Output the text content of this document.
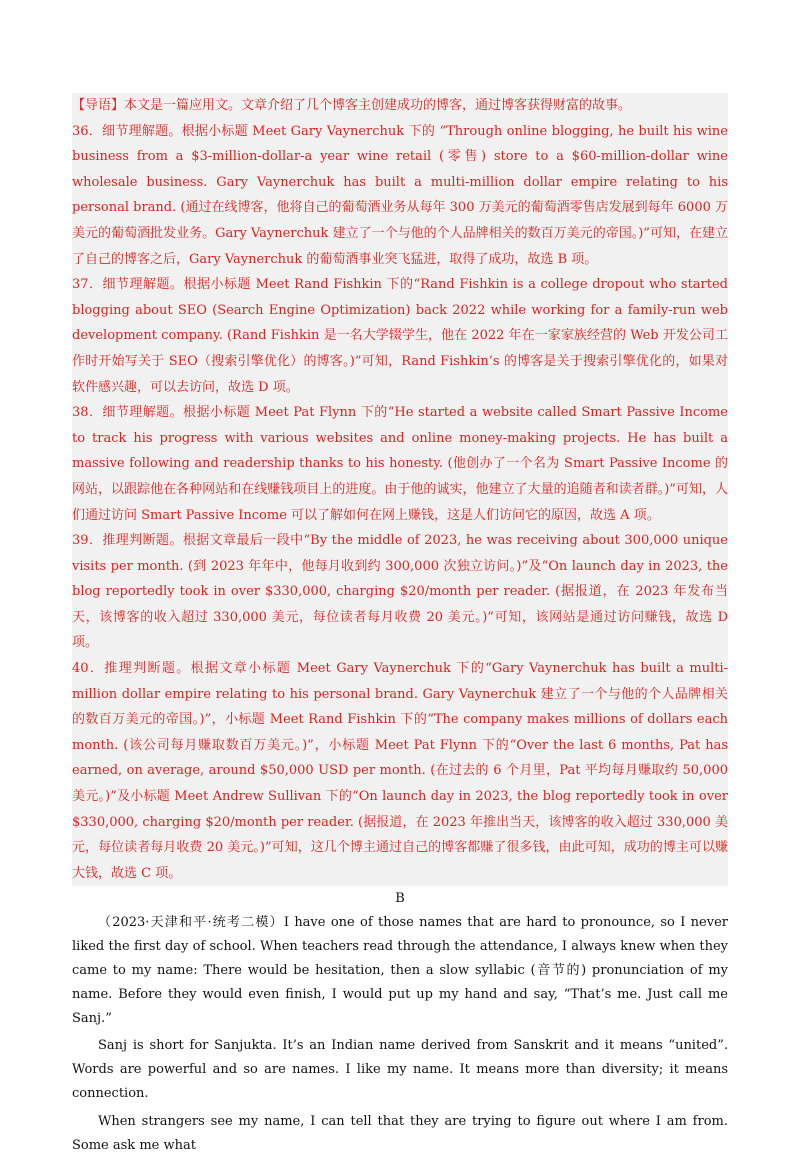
【导语】本文是一篇应用文。文章介绍了几个博客主创建成功的博客，通过博客获得财富的故事。

36．细节理解题。根据小标题 Meet Gary Vaynerchuk 下的 “Through online blogging, he built his wine business from a $3-million-dollar-a year wine retail (零售) store to a $60-million-dollar wine wholesale business. Gary Vaynerchuk has built a multi-million dollar empire relating to his personal brand. (通过在线博客，他将自己的葡萄酒业务从每年 300 万美元的葡萄酒零售店发展到每年 6000 万美元的葡萄酒批发业务。Gary Vaynerchuk 建立了一个与他的个人品牌相关的数百万美元的帝国。)”可知，在建立了自己的博客之后，Gary Vaynerchuk 的葡萄酒事业突飞猛进，取得了成功，故选 B 项。

37．细节理解题。根据小标题 Meet Rand Fishkin 下的“Rand Fishkin is a college dropout who started blogging about SEO (Search Engine Optimization) back 2022 while working for a family-run web development company. (Rand Fishkin 是一名大学辍学生，他在 2022 年在一家家族经营的 Web 开发公司工作时开始写关于 SEO（搜索引擎优化）的博客。)”可知，Rand Fishkin’s 的博客是关于搜索引擎优化的，如果对软件感兴趣，可以去访问，故选 D 项。

38．细节理解题。根据小标题 Meet Pat Flynn 下的“He started a website called Smart Passive Income to track his progress with various websites and online money-making projects. He has built a massive following and readership thanks to his honesty. (他创办了一个名为 Smart Passive Income 的网站，以跟踪他在各种网站和在线赚钱项目上的进度。由于他的诚实，他建立了大量的追随者和读者群。)”可知，人们通过访问 Smart Passive Income 可以了解如何在网上赚钱，这是人们访问它的原因，故选 A 项。

39．推理判断题。根据文章最后一段中“By the middle of 2023, he was receiving about 300,000 unique visits per month. (到 2023 年年中，他每月收到约 300,000 次独立访问。)”及“On launch day in 2023, the blog reportedly took in over $330,000, charging $20/month per reader. (据报道，在 2023 年发布当天，该博客的收入超过 330,000 美元，每位读者每月收费 20 美元。)”可知，该网站是通过访问赚钱，故选 D 项。

40．推理判断题。根据文章小标题 Meet Gary Vaynerchuk 下的“Gary Vaynerchuk has built a multi-million dollar empire relating to his personal brand. Gary Vaynerchuk 建立了一个与他的个人品牌相关的数百万美元的帝国。)”，小标题 Meet Rand Fishkin 下的“The company makes millions of dollars each month. (该公司每月赚取数百万美元。)”，小标题 Meet Pat Flynn 下的“Over the last 6 months, Pat has earned, on average, around $50,000 USD per month. (在过去的 6 个月里，Pat 平均每月赚取约 50,000 美元。)”及小标题 Meet Andrew Sullivan 下的“On launch day in 2023, the blog reportedly took in over $330,000, charging $20/month per reader. (据报道，在 2023 年推出当天，该博客的收入超过 330,000 美元，每位读者每月收费 20 美元。)”可知，这几个博主通过自己的博客都赚了很多钱，由此可知，成功的博主可以赚大钱，故选 C 项。

B

（2023·天津和平·统考二模）I have one of those names that are hard to pronounce, so I never liked the first day of school. When teachers read through the attendance, I always knew when they came to my name: There would be hesitation, then a slow syllabic (音节的) pronunciation of my name. Before they would even finish, I would put up my hand and say, “That’s me. Just call me Sanj.”

Sanj is short for Sanjukta. It’s an Indian name derived from Sanskrit and it means “united”. Words are powerful and so are names. I like my name. It means more than diversity; it means connection.

When strangers see my name, I can tell that they are trying to figure out where I am from. Some ask me what
